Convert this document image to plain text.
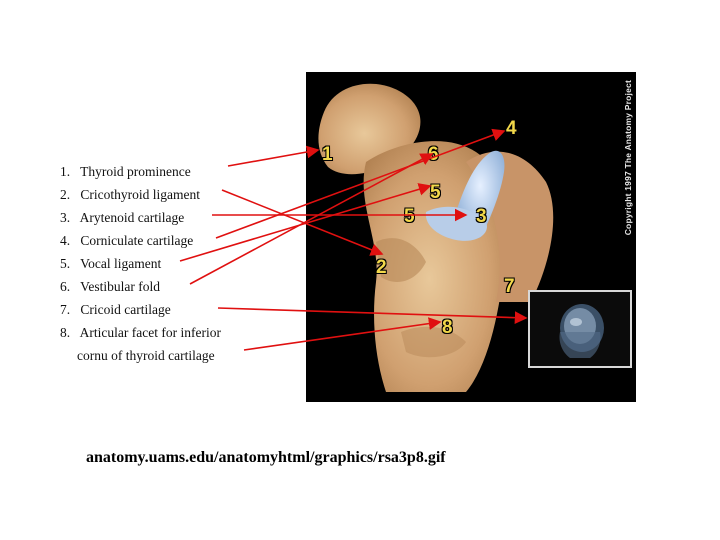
1. Thyroid prominence
2. Cricothyroid ligament
3. Arytenoid cartilage
4. Corniculate cartilage
5. Vocal ligament
6. Vestibular fold
7. Cricoid cartilage
8. Articular facet for inferior
cornu of thyroid cartilage
1	6
4
5
5	3
2
7
8
Copyright 1997 The Anatomy Project
anatomy.uams.edu/anatomyhtml/graphics/rsa3p8.gif
